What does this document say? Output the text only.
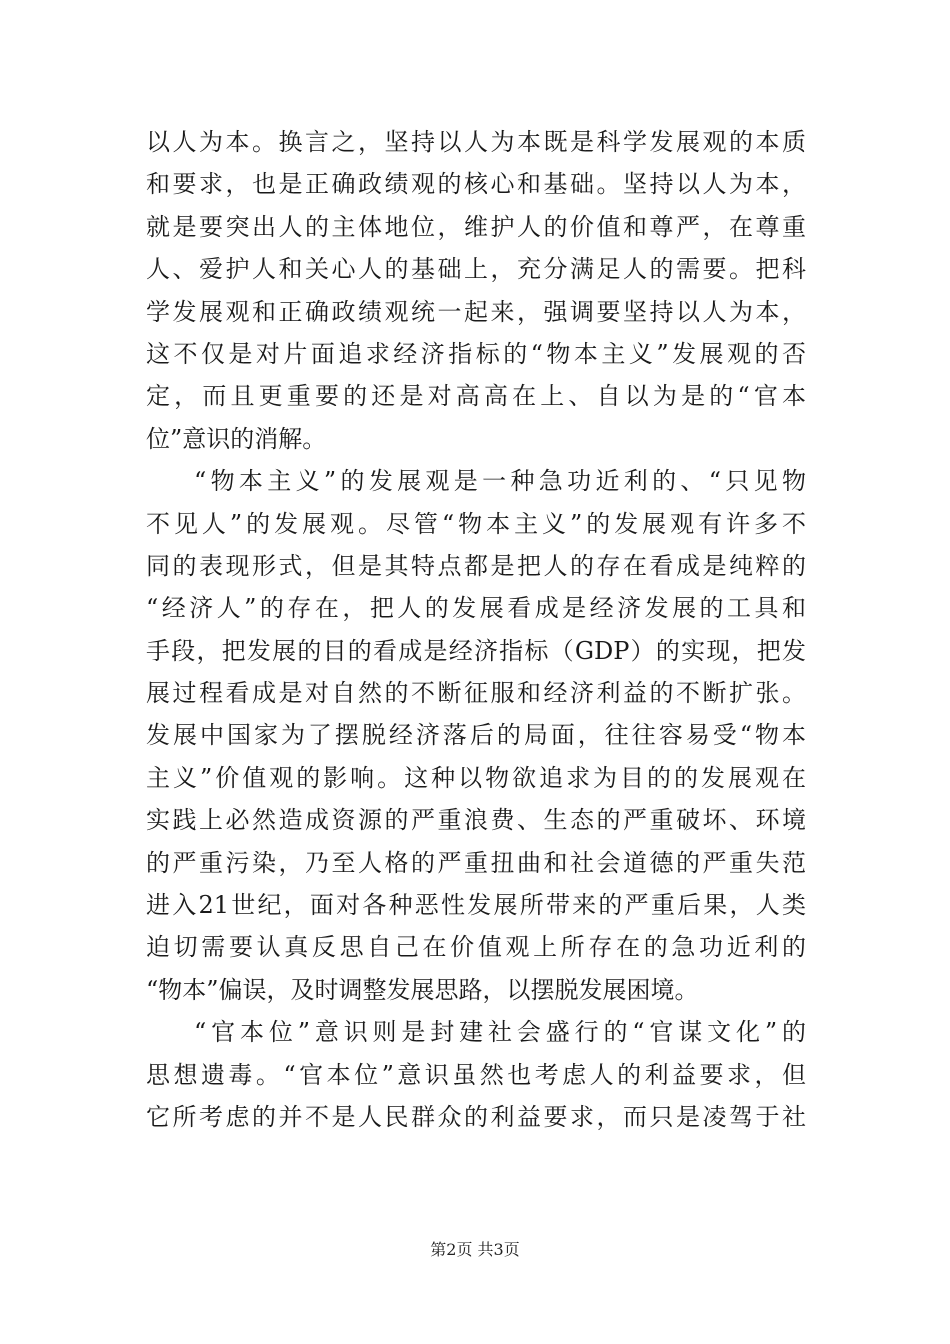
以人为本。换言之，坚持以人为本既是科学发展观的本质
和要求，也是正确政绩观的核心和基础。坚持以人为本，
就是要突出人的主体地位，维护人的价值和尊严，在尊重
人、爱护人和关心人的基础上，充分满足人的需要。把科
学发展观和正确政绩观统一起来，强调要坚持以人为本，
这不仅是对片面追求经济指标的“物本主义”发展观的否
定，而且更重要的还是对高高在上、自以为是的“官本
位”意识的消解。
“物本主义”的发展观是一种急功近利的、“只见物
不见人”的发展观。尽管“物本主义”的发展观有许多不
同的表现形式，但是其特点都是把人的存在看成是纯粹的
“经济人”的存在，把人的发展看成是经济发展的工具和
手段，把发展的目的看成是经济指标（GDP）的实现，把发
展过程看成是对自然的不断征服和经济利益的不断扩张。
发展中国家为了摆脱经济落后的局面，往往容易受“物本
主义”价值观的影响。这种以物欲追求为目的的发展观在
实践上必然造成资源的严重浪费、生态的严重破坏、环境
的严重污染，乃至人格的严重扭曲和社会道德的严重失范
进入21世纪，面对各种恶性发展所带来的严重后果，人类
迫切需要认真反思自己在价值观上所存在的急功近利的
“物本”偏误，及时调整发展思路，以摆脱发展困境。
“官本位”意识则是封建社会盛行的“官谋文化”的
思想遗毒。“官本位”意识虽然也考虑人的利益要求，但
它所考虑的并不是人民群众的利益要求，而只是凌驾于社
第2页 共3页
